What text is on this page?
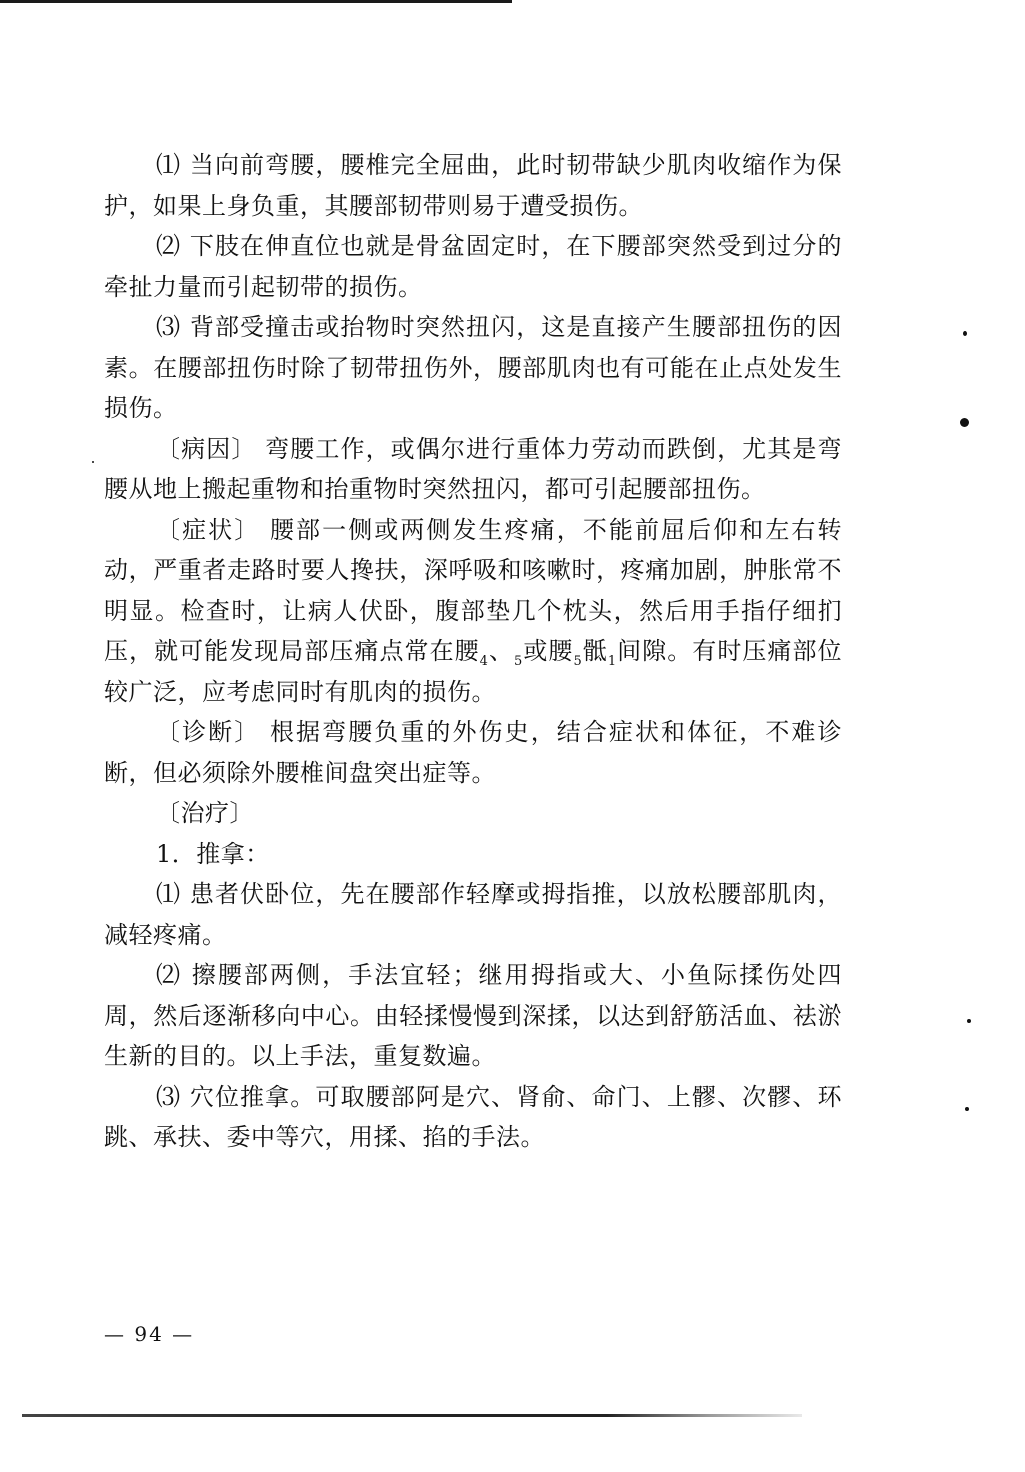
⑴ 当向前弯腰，腰椎完全屈曲，此时韧带缺少肌肉收缩作为保护，如果上身负重，其腰部韧带则易于遭受损伤。

⑵ 下肢在伸直位也就是骨盆固定时，在下腰部突然受到过分的牵扯力量而引起韧带的损伤。

⑶ 背部受撞击或抬物时突然扭闪，这是直接产生腰部扭伤的因素。在腰部扭伤时除了韧带扭伤外，腰部肌肉也有可能在止点处发生损伤。

〔病因〕 弯腰工作，或偶尔进行重体力劳动而跌倒，尤其是弯腰从地上搬起重物和抬重物时突然扭闪，都可引起腰部扭伤。

〔症状〕 腰部一侧或两侧发生疼痛，不能前屈后仰和左右转动，严重者走路时要人搀扶，深呼吸和咳嗽时，疼痛加剧，肿胀常不明显。检查时，让病人伏卧，腹部垫几个枕头，然后用手指仔细扪压，就可能发现局部压痛点常在腰$_4$、$_5$或腰$_5$骶$_1$间隙。有时压痛部位较广泛，应考虑同时有肌肉的损伤。

〔诊断〕 根据弯腰负重的外伤史，结合症状和体征，不难诊断，但必须除外腰椎间盘突出症等。

〔治疗〕

1．推拿：

⑴ 患者伏卧位，先在腰部作轻摩或拇指推，以放松腰部肌肉，减轻疼痛。

⑵ 擦腰部两侧，手法宜轻；继用拇指或大、小鱼际揉伤处四周，然后逐渐移向中心。由轻揉慢慢到深揉，以达到舒筋活血、祛淤生新的目的。以上手法，重复数遍。

⑶ 穴位推拿。可取腰部阿是穴、肾俞、命门、上髎、次髎、环跳、承扶、委中等穴，用揉、掐的手法。

— 94 —
